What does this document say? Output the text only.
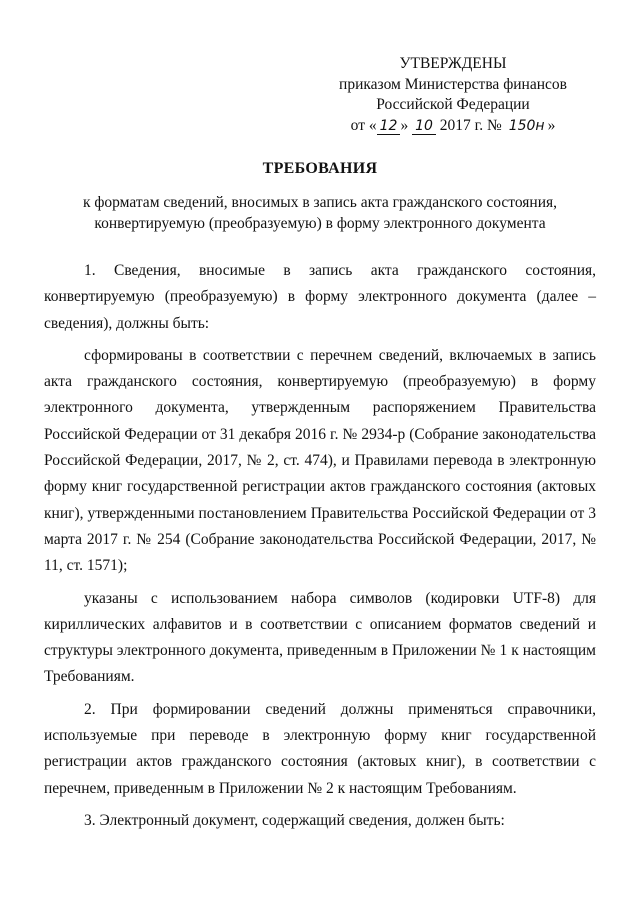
УТВЕРЖДЕНЫ
приказом Министерства финансов
Российской Федерации
от « 12 » 10 2017 г. № 150н »
ТРЕБОВАНИЯ
к форматам сведений, вносимых в запись акта гражданского состояния, конвертируемую (преобразуемую) в форму электронного документа

1. Сведения, вносимые в запись акта гражданского состояния, конвертируемую (преобразуемую) в форму электронного документа (далее – сведения), должны быть:

сформированы в соответствии с перечнем сведений, включаемых в запись акта гражданского состояния, конвертируемую (преобразуемую) в форму электронного документа, утвержденным распоряжением Правительства Российской Федерации от 31 декабря 2016 г. № 2934-р (Собрание законодательства Российской Федерации, 2017, № 2, ст. 474), и Правилами перевода в электронную форму книг государственной регистрации актов гражданского состояния (актовых книг), утвержденными постановлением Правительства Российской Федерации от 3 марта 2017 г. № 254 (Собрание законодательства Российской Федерации, 2017, № 11, ст. 1571);

указаны с использованием набора символов (кодировки UTF-8) для кириллических алфавитов и в соответствии с описанием форматов сведений и структуры электронного документа, приведенным в Приложении № 1 к настоящим Требованиям.

2. При формировании сведений должны применяться справочники, используемые при переводе в электронную форму книг государственной регистрации актов гражданского состояния (актовых книг), в соответствии с перечнем, приведенным в Приложении № 2 к настоящим Требованиям.

3. Электронный документ, содержащий сведения, должен быть:
